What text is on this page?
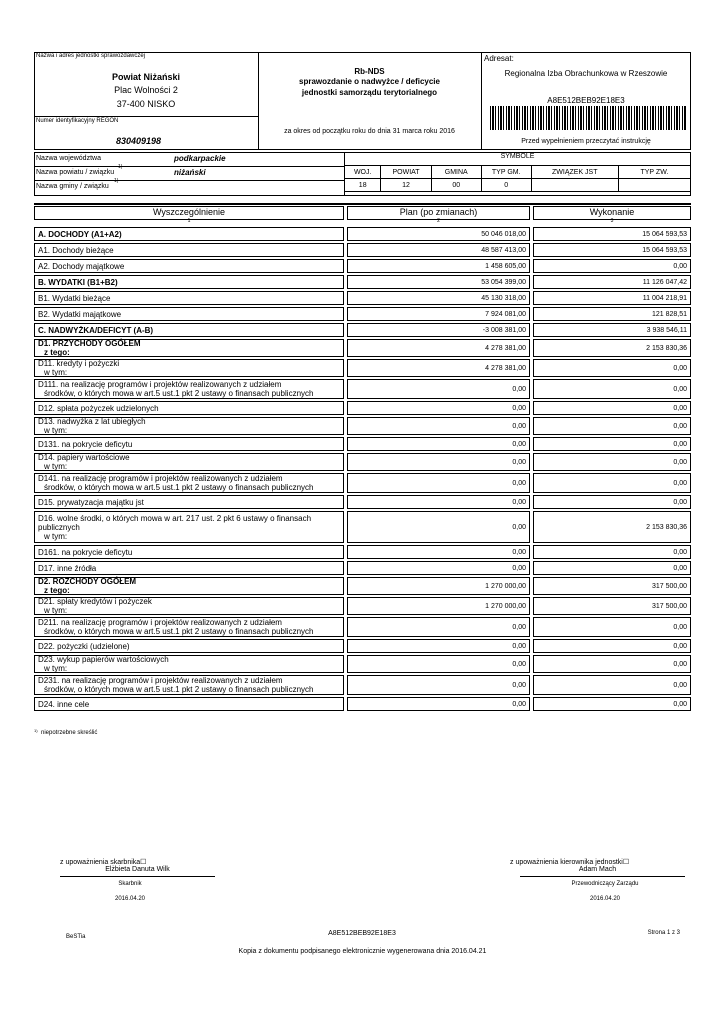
Nazwa i adres jednostki sprawozdawczej
Powiat Niżański
Plac Wolności 2
37-400 NISKO
Numer identyfikacyjny REGON
830409198
Rb-NDS
sprawozdanie o nadwyżce / deficycie
jednostki samorządu terytorialnego
za okres od początku roku do dnia 31 marca roku 2016
Adresat:
Regionalna Izba Obrachunkowa w Rzeszowie
A8E512BEB92E18E3
Przed wypełnieniem przeczytać instrukcję
Nazwa województwa	podkarpackie
Nazwa powiatu / związku
1)
niżański
Nazwa gminy / związku
1)
SYMBOLE
WOJ.	POWIAT	GMINA	TYP GM.	ZWIĄZEK JST	TYP ZW.
18	12	00	0		
Wyszczególnienie	Plan (po zmianach)	Wykonanie
1	2	3
A. DOCHODY (A1+A2)	50 046 018,00	15 064 593,53
A1. Dochody bieżące	48 587 413,00	15 064 593,53
A2. Dochody majątkowe	1 458 605,00	0,00
B. WYDATKI (B1+B2)	53 054 399,00	11 126 047,42
B1. Wydatki bieżące	45 130 318,00	11 004 218,91
B2. Wydatki majątkowe	7 924 081,00	121 828,51
C. NADWYŻKA/DEFICYT (A-B)	-3 008 381,00	3 938 546,11
D1. PRZYCHODY OGÓŁEM
z tego:	4 278 381,00	2 153 830,36
D11. kredyty i pożyczki
w tym:	4 278 381,00	0,00
D111. na realizację programów i projektów realizowanych z udziałem
środków, o których mowa w art.5 ust.1 pkt 2 ustawy o finansach publicznych	0,00	0,00
D12. spłata pożyczek udzielonych	0,00	0,00
D13. nadwyżka z lat ubiegłych
w tym:	0,00	0,00
D131. na pokrycie deficytu	0,00	0,00
D14. papiery wartościowe
w tym:	0,00	0,00
D141. na realizację programów i projektów realizowanych z udziałem
środków, o których mowa w art.5 ust.1 pkt 2 ustawy o finansach publicznych	0,00	0,00
D15. prywatyzacja majątku jst	0,00	0,00
D16. wolne środki, o których mowa w art. 217 ust. 2 pkt 6 ustawy o finansach publicznych
w tym:
0,00	2 153 830,36
D161. na pokrycie deficytu	0,00	0,00
D17. inne źródła	0,00	0,00
D2. ROZCHODY OGÓŁEM
z tego:	1 270 000,00	317 500,00
D21. spłaty kredytów i pożyczek
w tym:	1 270 000,00	317 500,00
D211. na realizację programów i projektów realizowanych z udziałem
środków, o których mowa w art.5 ust.1 pkt 2 ustawy o finansach publicznych	0,00	0,00
D22. pożyczki (udzielone)	0,00	0,00
D23. wykup papierów wartościowych
w tym:	0,00	0,00
D231. na realizację programów i projektów realizowanych z udziałem
środków, o których mowa w art.5 ust.1 pkt 2 ustawy o finansach publicznych	0,00	0,00
D24. inne cele	0,00	0,00
1) niepotrzebne skreślić
z upoważnienia skarbnika☐
Elżbieta Danuta Wilk
Skarbnik
2016.04.20
z upoważnienia kierownika jednostki☐
Adam Mach
Przewodniczący Zarządu
2016.04.20
BeSTia	A8E512BEB92E18E3	Strona 1 z 3
Kopia z dokumentu podpisanego elektronicznie wygenerowana dnia 2016.04.21
